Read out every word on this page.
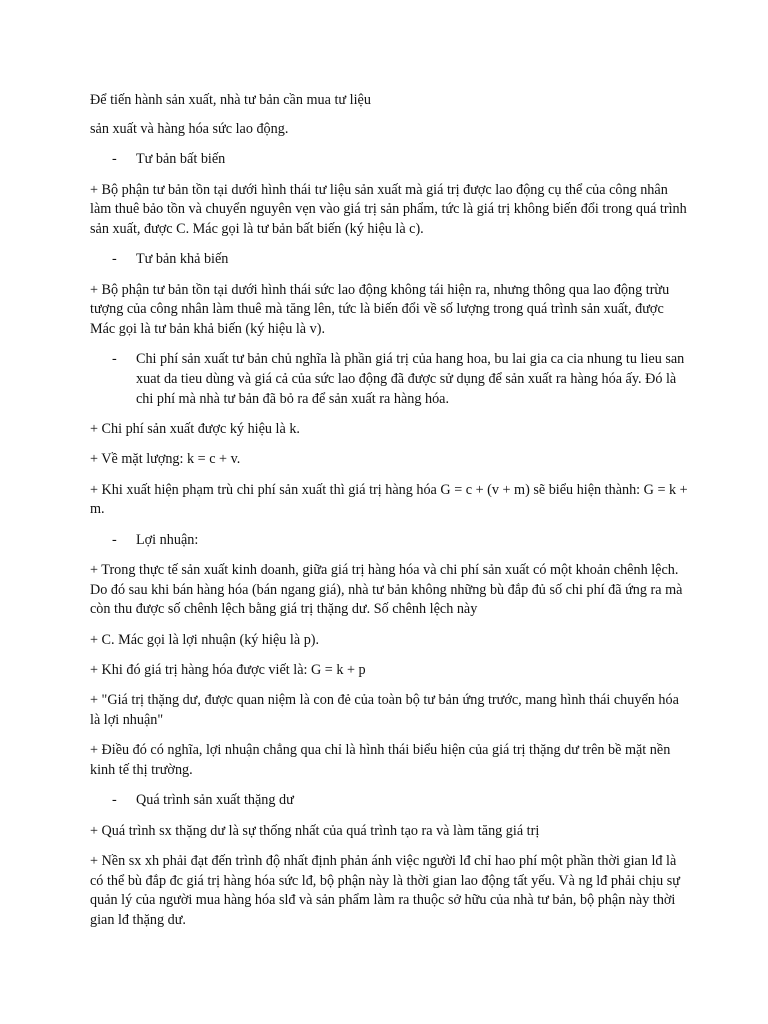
Để tiến hành sản xuất, nhà tư bản cần mua tư liệu

sản xuất và hàng hóa sức lao động.

- Tư bản bất biến

+ Bộ phận tư bản tồn tại dưới hình thái tư liệu sản xuất mà giá trị được lao động cụ thể của công nhân làm thuê bảo tồn và chuyển nguyên vẹn vào giá trị sản phẩm, tức là giá trị không biến đổi trong quá trình sản xuất, được C. Mác gọi là tư bản bất biến (ký hiệu là c).

- Tư bản khả biến

+ Bộ phận tư bản tồn tại dưới hình thái sức lao động không tái hiện ra, nhưng thông qua lao động trừu tượng của công nhân làm thuê mà tăng lên, tức là biến đổi về số lượng trong quá trình sản xuất, được Mác gọi là tư bản khả biến (ký hiệu là v).

- Chi phí sản xuất tư bản chủ nghĩa là phần giá trị của hang hoa, bu lai gia ca cia nhung tu lieu san xuat da tieu dùng và giá cả của sức lao động đã được sử dụng để sản xuất ra hàng hóa ấy. Đó là chi phí mà nhà tư bản đã bỏ ra để sản xuất ra hàng hóa.

+ Chi phí sản xuất được ký hiệu là k.

+ Về mặt lượng: k = c + v.

+ Khi xuất hiện phạm trù chi phí sản xuất thì giá trị hàng hóa G = c + (v + m) sẽ biểu hiện thành: G = k + m.

- Lợi nhuận:

+ Trong thực tế sản xuất kinh doanh, giữa giá trị hàng hóa và chi phí sản xuất có một khoản chênh lệch. Do đó sau khi bán hàng hóa (bán ngang giá), nhà tư bản không những bù đắp đủ số chi phí đã ứng ra mà còn thu được số chênh lệch bằng giá trị thặng dư. Số chênh lệch này

+ C. Mác gọi là lợi nhuận (ký hiệu là p).

+ Khi đó giá trị hàng hóa được viết là: G = k + p

+ "Giá trị thặng dư, được quan niệm là con đẻ của toàn bộ tư bản ứng trước, mang hình thái chuyển hóa là lợi nhuận"

+ Điều đó có nghĩa, lợi nhuận chẳng qua chỉ là hình thái biểu hiện của giá trị thặng dư trên bề mặt nền kinh tế thị trường.

- Quá trình sản xuất thặng dư

+ Quá trình sx thặng dư là sự thống nhất của quá trình tạo ra và làm tăng giá trị

+ Nền sx xh phải đạt đến trình độ nhất định phản ánh việc người lđ chỉ hao phí một phần thời gian lđ là có thể bù đắp đc giá trị hàng hóa sức lđ, bộ phận này là thời gian lao động tất yếu. Và ng lđ phải chịu sự quản lý của người mua hàng hóa slđ và sản phẩm làm ra thuộc sở hữu của nhà tư bản, bộ phận này thời gian lđ thặng dư.
